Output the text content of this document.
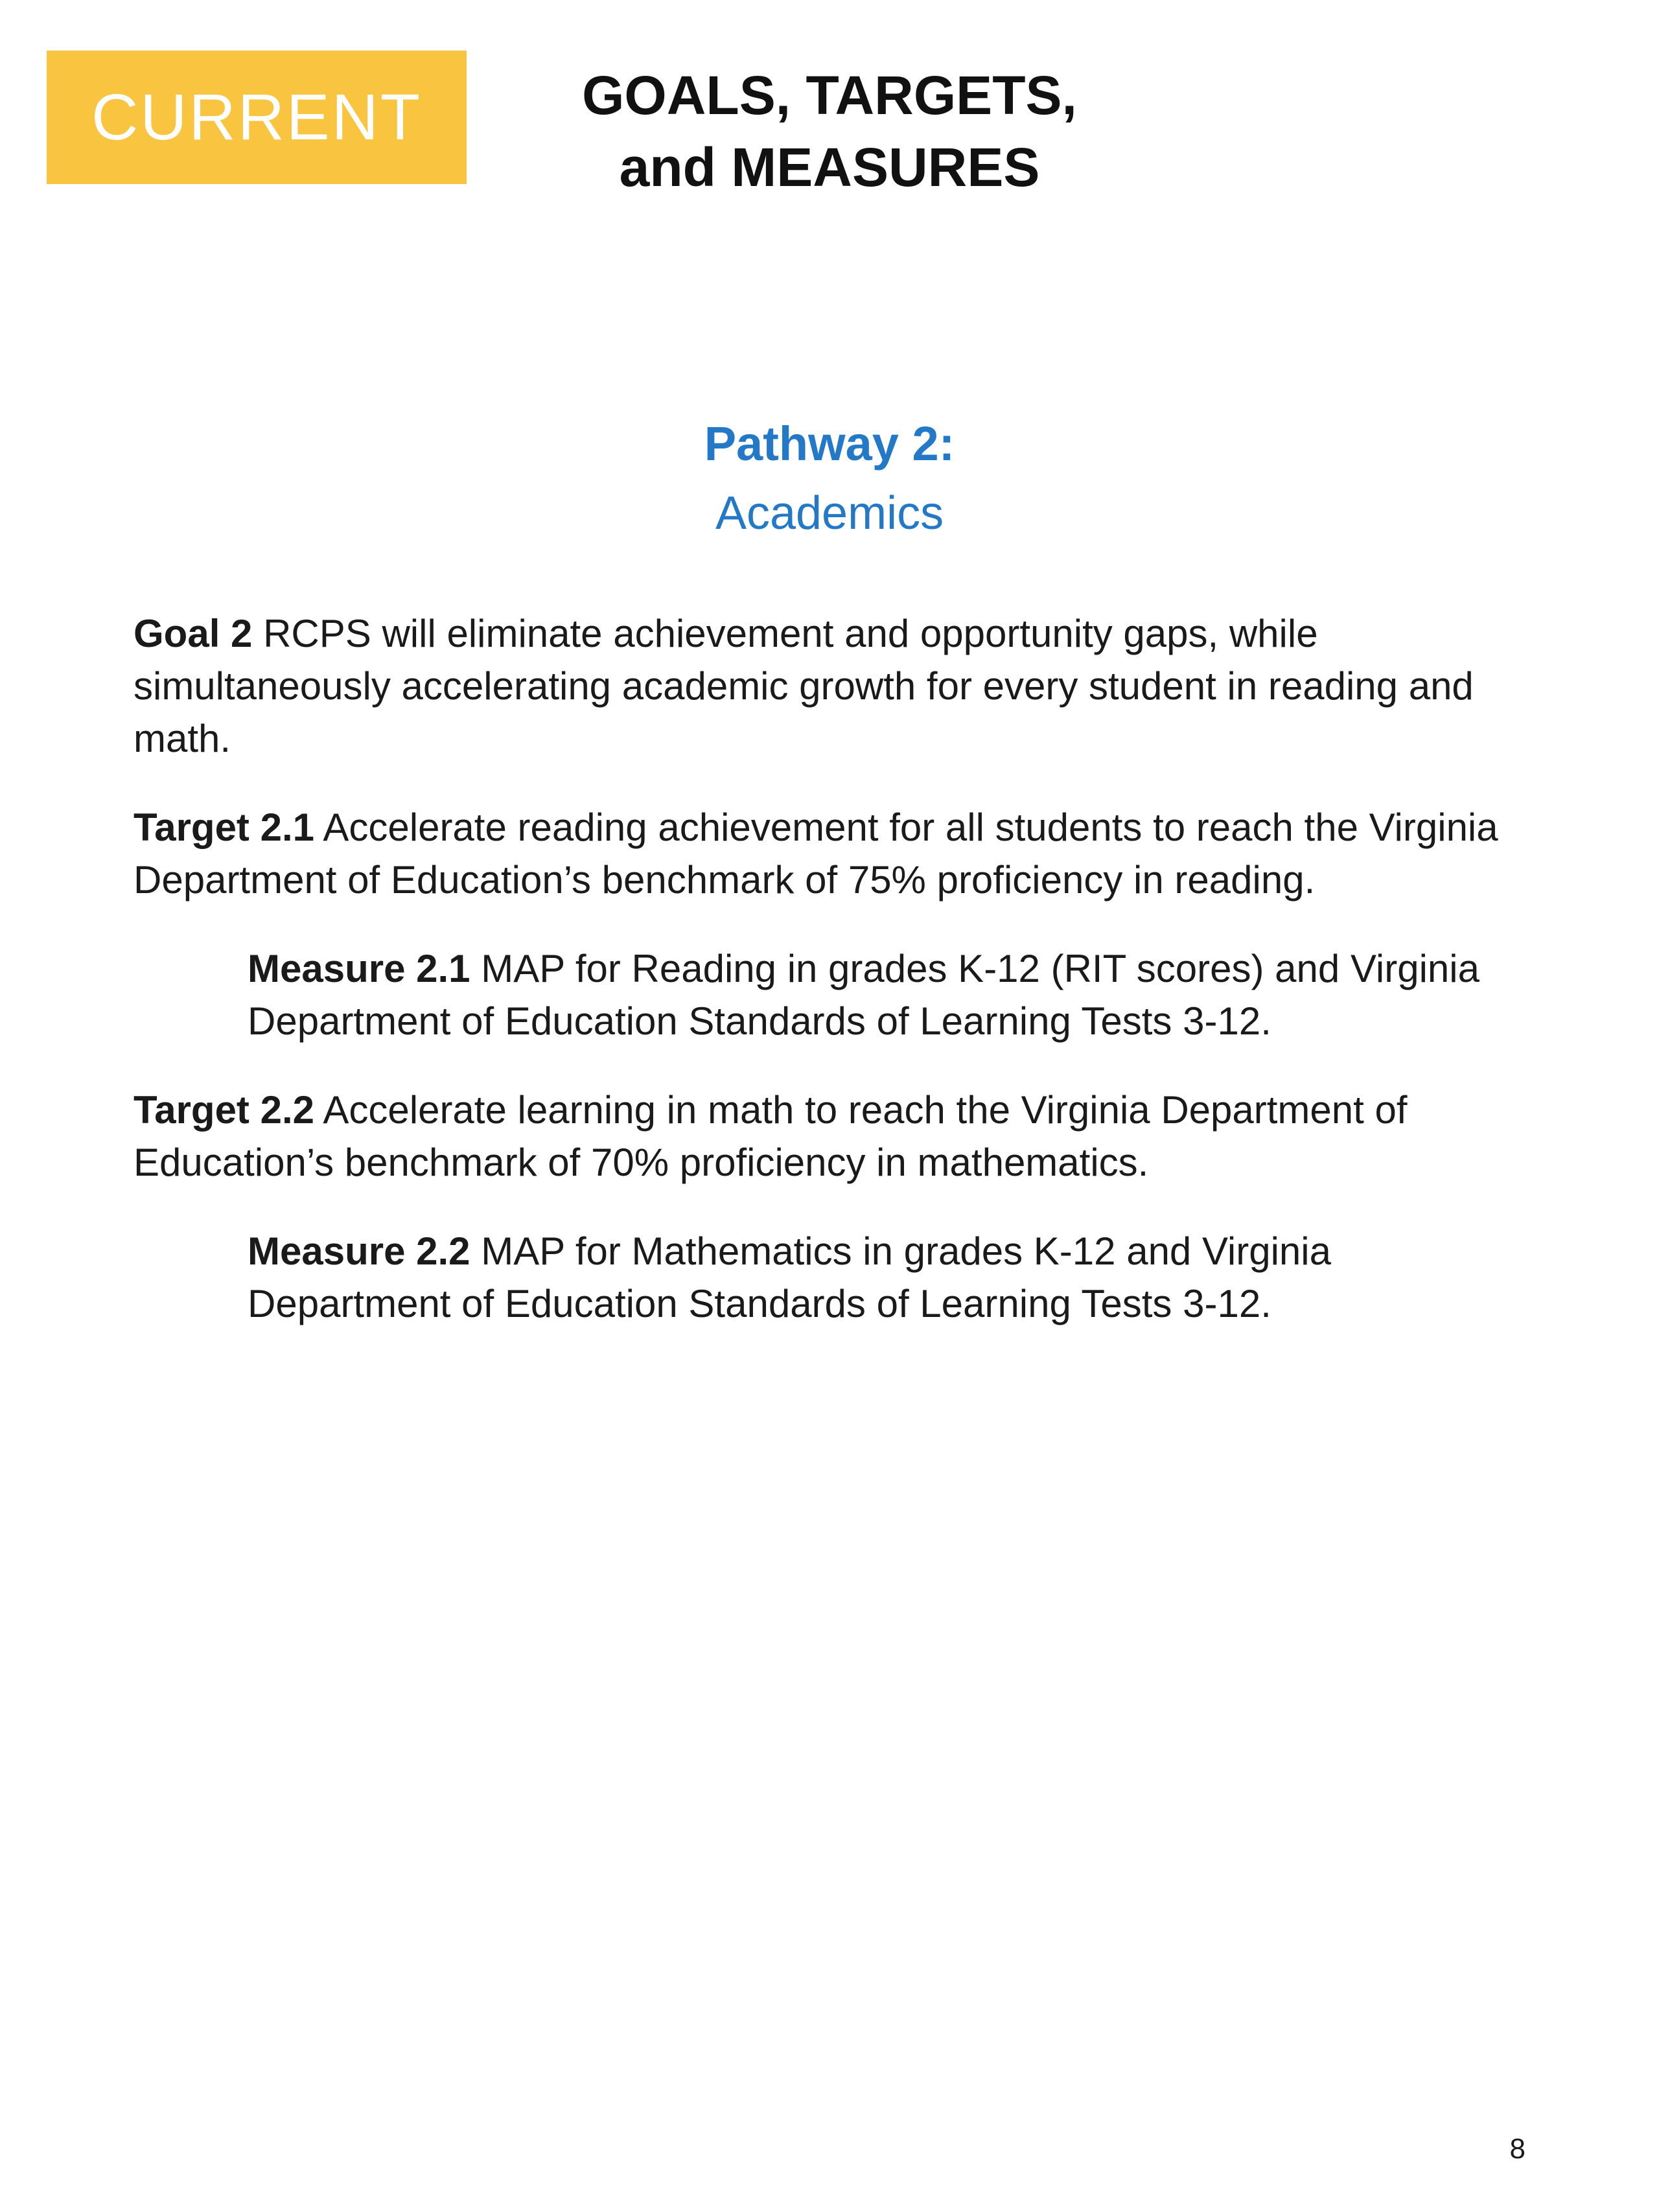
CURRENT	GOALS, TARGETS,
and MEASURES
Pathway 2:
Academics

Goal 2 RCPS will eliminate achievement and opportunity gaps, while simultaneously accelerating academic growth for every student in reading and math.

Target 2.1 Accelerate reading achievement for all students to reach the Virginia Department of Education’s benchmark of 75% proficiency in reading.

Measure 2.1 MAP for Reading in grades K-12 (RIT scores) and Virginia Department of Education Standards of Learning Tests 3-12.

Target 2.2 Accelerate learning in math to reach the Virginia Department of Education’s benchmark of 70% proficiency in mathematics.

Measure 2.2 MAP for Mathematics in grades K-12 and Virginia Department of Education Standards of Learning Tests 3-12.

8
